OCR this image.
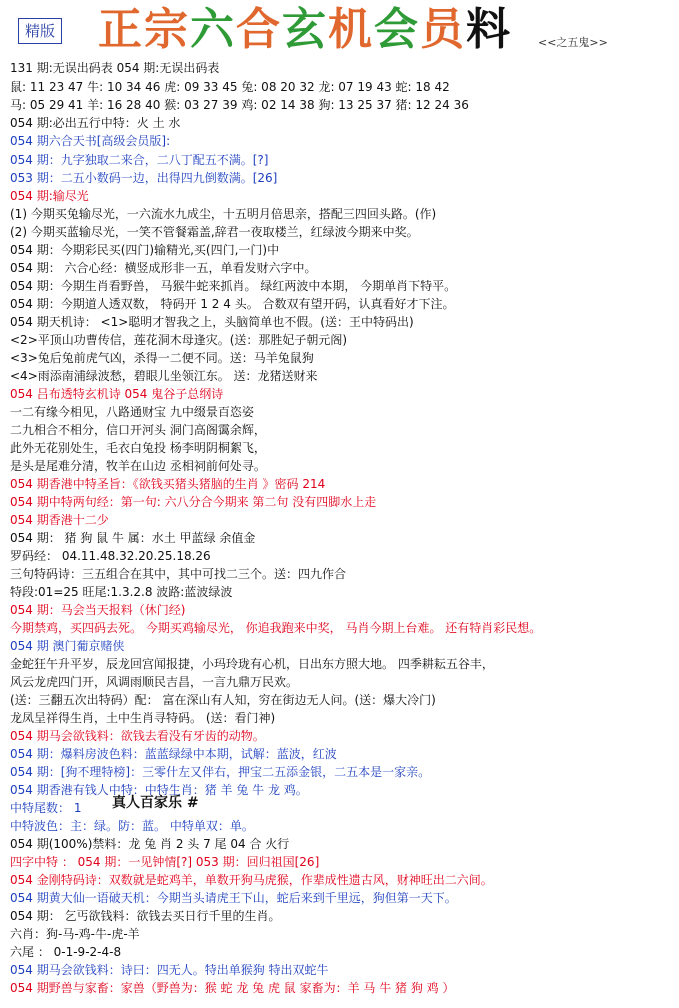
精版 正宗六合玄机会员料 <<之五鬼>>
131 期:无误出码表 054 期:无误出码表
鼠: 11 23 47 牛: 10 34 46 虎: 09 33 45 兔: 08 20 32 龙: 07 19 43 蛇: 18 42
马: 05 29 41 羊: 16 28 40 猴: 03 27 39 鸡: 02 14 38 狗: 13 25 37 猪: 12 24 36
054 期:必出五行中特：火 土 水
054 期六合天书[高级会员版]:
054 期：九字独取二来合，二八丁配五不满。[?]
053 期：二五小数码一边，出得四九倒数满。[26]
054 期:输尽光
(1) 今期买兔输尽光，一六流水九成尘，十五明月倍思亲，搭配三四回头路。(作)
(2) 今期买蓝输尽光，一笑不管餐霜盖,辞君一夜取楼兰，红绿波今期来中奖。
054 期：今期彩民买(四门)输精光,买(四门,一门)中
054 期： 六合心经：横竖成形非一五，单看发财六字中。
054 期：今期生肖看野兽， 马猴牛蛇来抓肖。 绿红两波中本期， 今期单肖下特平。
054 期：今期道人透双数， 特码开 1 2 4 头。 合数双有望开码，认真看好才下注。
054 期天机诗： <1>聪明才智我之上，头脑简单也不假。(送：王中特码出)
<2>平顶山功曹传信，莲花洞木母逢灾。(送：那胜妃子朝元阁)
<3>兔后兔前虎气凶，杀得一二便不同。送：马羊兔鼠狗
<4>雨添南浦绿波愁，碧眼儿坐领江东。 送：龙猪送财来
054 吕布透特玄机诗 054 鬼谷子总纲诗
一二有缘今相见，八路通财宝 九中缀景百恣姿
二九相合不相分，信口开河头 洞门高阁霭余辉，
此外无花别处生，毛衣白兔投 杨李明阴桐絮飞，
是头是尾难分清，牧羊在山边 丞相祠前何处寻。
054 期香港中特圣旨：《欲钱买猪头猪脑的生肖 》密码 214
054 期中特两句经：第一句: 六八分合今期来 第二句 没有四脚水上走
054 期香港十二少
054 期： 猪 狗 鼠 牛 属：水土 甲蓝绿 余值金
罗码经： 04.11.48.32.20.25.18.26
三句特码诗：三五组合在其中，其中可找二三个。送：四九作合
特段:01=25 旺尾:1.3.2.8 波路:蓝波绿波
054 期：马会当天报料（休门经)
今期禁鸡，买四码去死。 今期买鸡输尽光， 你追我跑来中奖， 马肖今期上台难。 还有特肖彩民想。
054 期 澳门葡京赌侠
金蛇狂午升平岁，辰龙回宫闻报捷，小玛玲珑有心机，日出东方照大地。 四季耕耘五谷丰，
风云龙虎四门开，风调雨顺民吉昌，一言九鼎万民欢。
(送：三翻五次出特码）配： 富在深山有人知，穷在街边无人问。(送：爆大冷门)
龙凤呈祥得生肖，土中生肖寻特码。 (送：看门神)
054 期马会欲钱料：欲钱去看没有牙齿的动物。
054 期：爆料房波色料：蓝蓝绿绿中本期，试解：蓝波，红波
054 期：[狗不理特榜]：三零什左又伴右，押宝二五添金银，二五本是一家亲。
054 期香港有钱人中特：中特生肖：猪 羊 兔 牛 龙 鸡。
中特尾数： 1
中特波色：主：绿。防：蓝。 中特单双：单。
054 期(100%)禁料：龙 兔 肖 2 头 7 尾 04 合 火行
四字中特 ： 054 期：一见钟情[?] 053 期：回归祖国[26]
054 金刚特码诗：双数就是蛇鸡羊，单数开狗马虎猴，作辈成性遗古风，财神旺出二六间。
054 期黄大仙一语破天机：今期当头请虎王下山，蛇后来到千里远，狗但第一天下。
054 期： 乞丐欲钱料：欲钱去买日行千里的生肖。
六肖：狗-马-鸡-牛-虎-羊
六尾 ： 0-1-9-2-4-8
054 期马会欲钱料：诗曰：四无人。特出单猴狗 特出双蛇牛
054 期野兽与家畜：家兽（野兽为：猴 蛇 龙 兔 虎 鼠 家畜为：羊 马 牛 猪 狗 鸡 ）
真人百家乐 #
